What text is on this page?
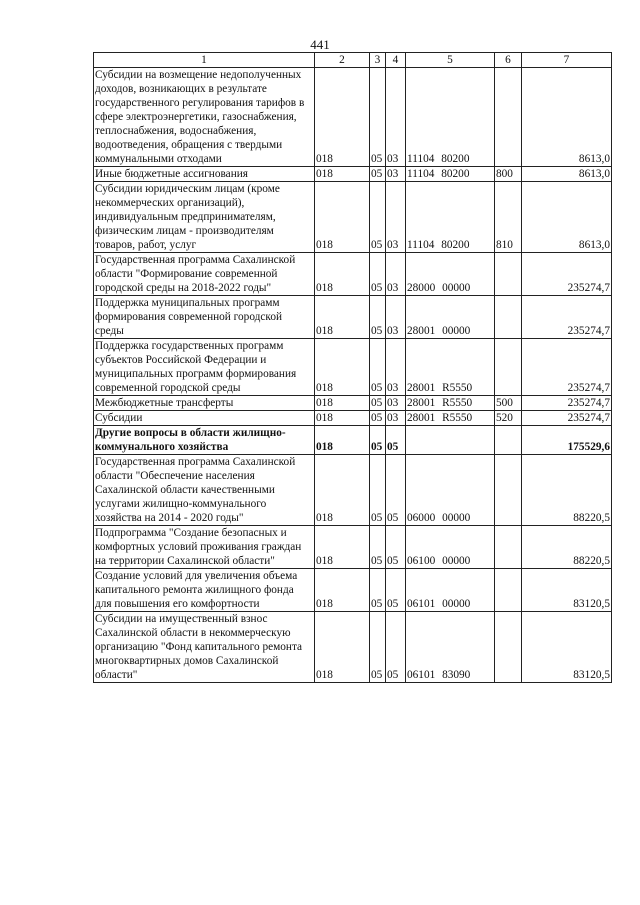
441
1	2	3	4	5	6	7
Субсидии на возмещение недополученных доходов, возникающих в результате государственного регулирования тарифов в сфере электроэнергетики, газоснабжения, теплоснабжения, водоснабжения, водоотведения, обращения с твердыми коммунальными отходами	018	05	03	11104 80200		8613,0
Иные бюджетные ассигнования	018	05	03	11104 80200	800	8613,0
Субсидии юридическим лицам (кроме некоммерческих организаций), индивидуальным предпринимателям, физическим лицам - производителям товаров, работ, услуг	018	05	03	11104 80200	810	8613,0
Государственная программа Сахалинской области "Формирование современной городской среды на 2018-2022 годы"	018	05	03	28000 00000		235274,7
Поддержка муниципальных программ формирования современной городской среды	018	05	03	28001 00000		235274,7
Поддержка государственных программ субъектов Российской Федерации и муниципальных программ формирования современной городской среды	018	05	03	28001 R5550		235274,7
Межбюджетные трансферты	018	05	03	28001 R5550	500	235274,7
Субсидии	018	05	03	28001 R5550	520	235274,7
Другие вопросы в области жилищно-коммунального хозяйства	018	05	05			175529,6
Государственная программа Сахалинской области "Обеспечение населения Сахалинской области качественными услугами жилищно-коммунального хозяйства на 2014 - 2020 годы"	018	05	05	06000 00000		88220,5
Подпрограмма "Создание безопасных и комфортных условий проживания граждан на территории Сахалинской области"	018	05	05	06100 00000		88220,5
Создание условий для увеличения объема капитального ремонта жилищного фонда для повышения его комфортности	018	05	05	06101 00000		83120,5
Субсидии на имущественный взнос Сахалинской области в некоммерческую организацию "Фонд капитального ремонта многоквартирных домов Сахалинской области"	018	05	05	06101 83090		83120,5
